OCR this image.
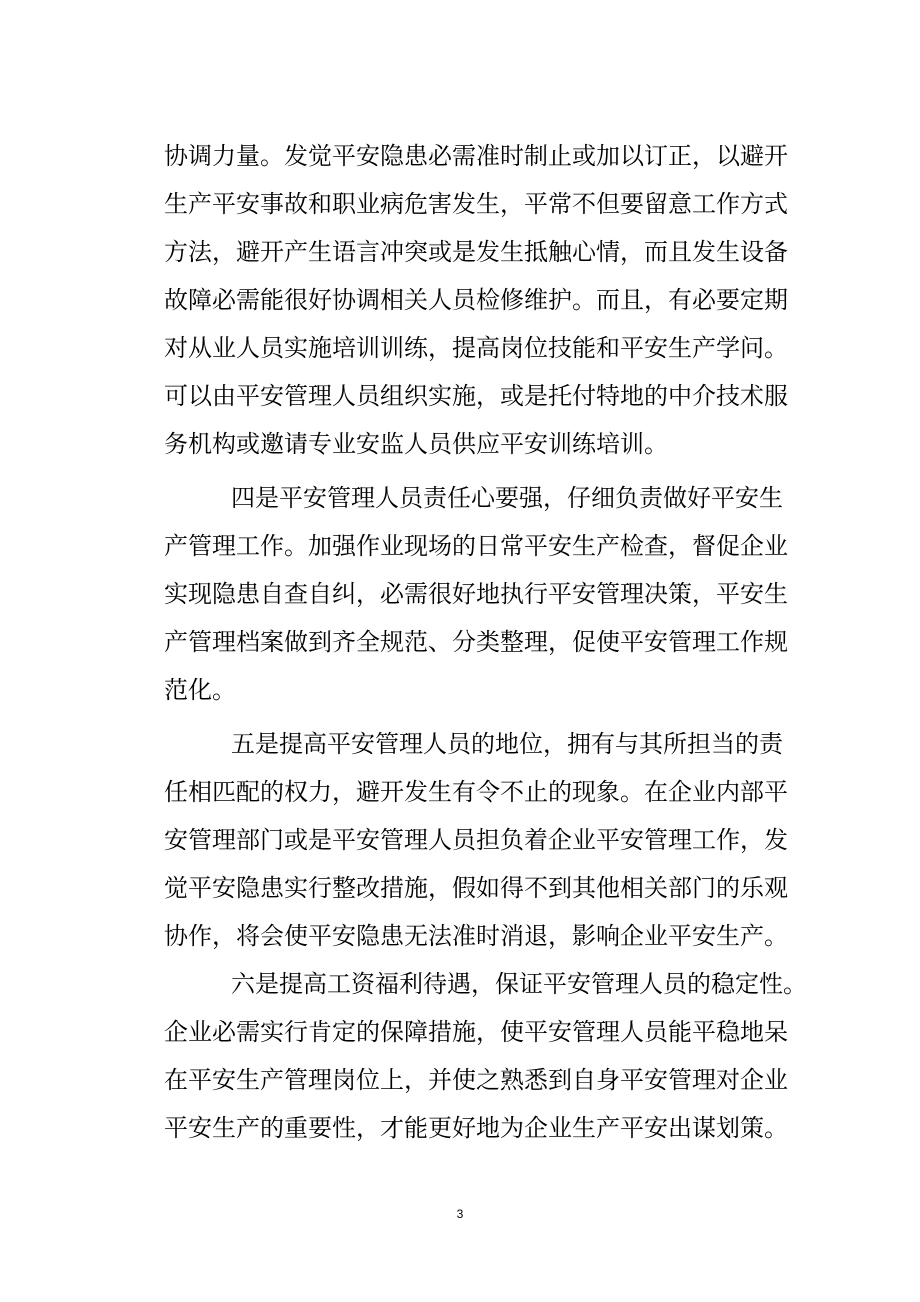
协调力量。发觉平安隐患必需准时制止或加以订正，以避开
生产平安事故和职业病危害发生，平常不但要留意工作方式
方法，避开产生语言冲突或是发生抵触心情，而且发生设备
故障必需能很好协调相关人员检修维护。而且，有必要定期
对从业人员实施培训训练，提高岗位技能和平安生产学问。
可以由平安管理人员组织实施，或是托付特地的中介技术服
务机构或邀请专业安监人员供应平安训练培训。
四是平安管理人员责任心要强，仔细负责做好平安生
产管理工作。加强作业现场的日常平安生产检查，督促企业
实现隐患自查自纠，必需很好地执行平安管理决策，平安生
产管理档案做到齐全规范、分类整理，促使平安管理工作规
范化。
五是提高平安管理人员的地位，拥有与其所担当的责
任相匹配的权力，避开发生有令不止的现象。在企业内部平
安管理部门或是平安管理人员担负着企业平安管理工作，发
觉平安隐患实行整改措施，假如得不到其他相关部门的乐观
协作，将会使平安隐患无法准时消退，影响企业平安生产。
六是提高工资福利待遇，保证平安管理人员的稳定性。
企业必需实行肯定的保障措施，使平安管理人员能平稳地呆
在平安生产管理岗位上，并使之熟悉到自身平安管理对企业
平安生产的重要性，才能更好地为企业生产平安出谋划策。
3
